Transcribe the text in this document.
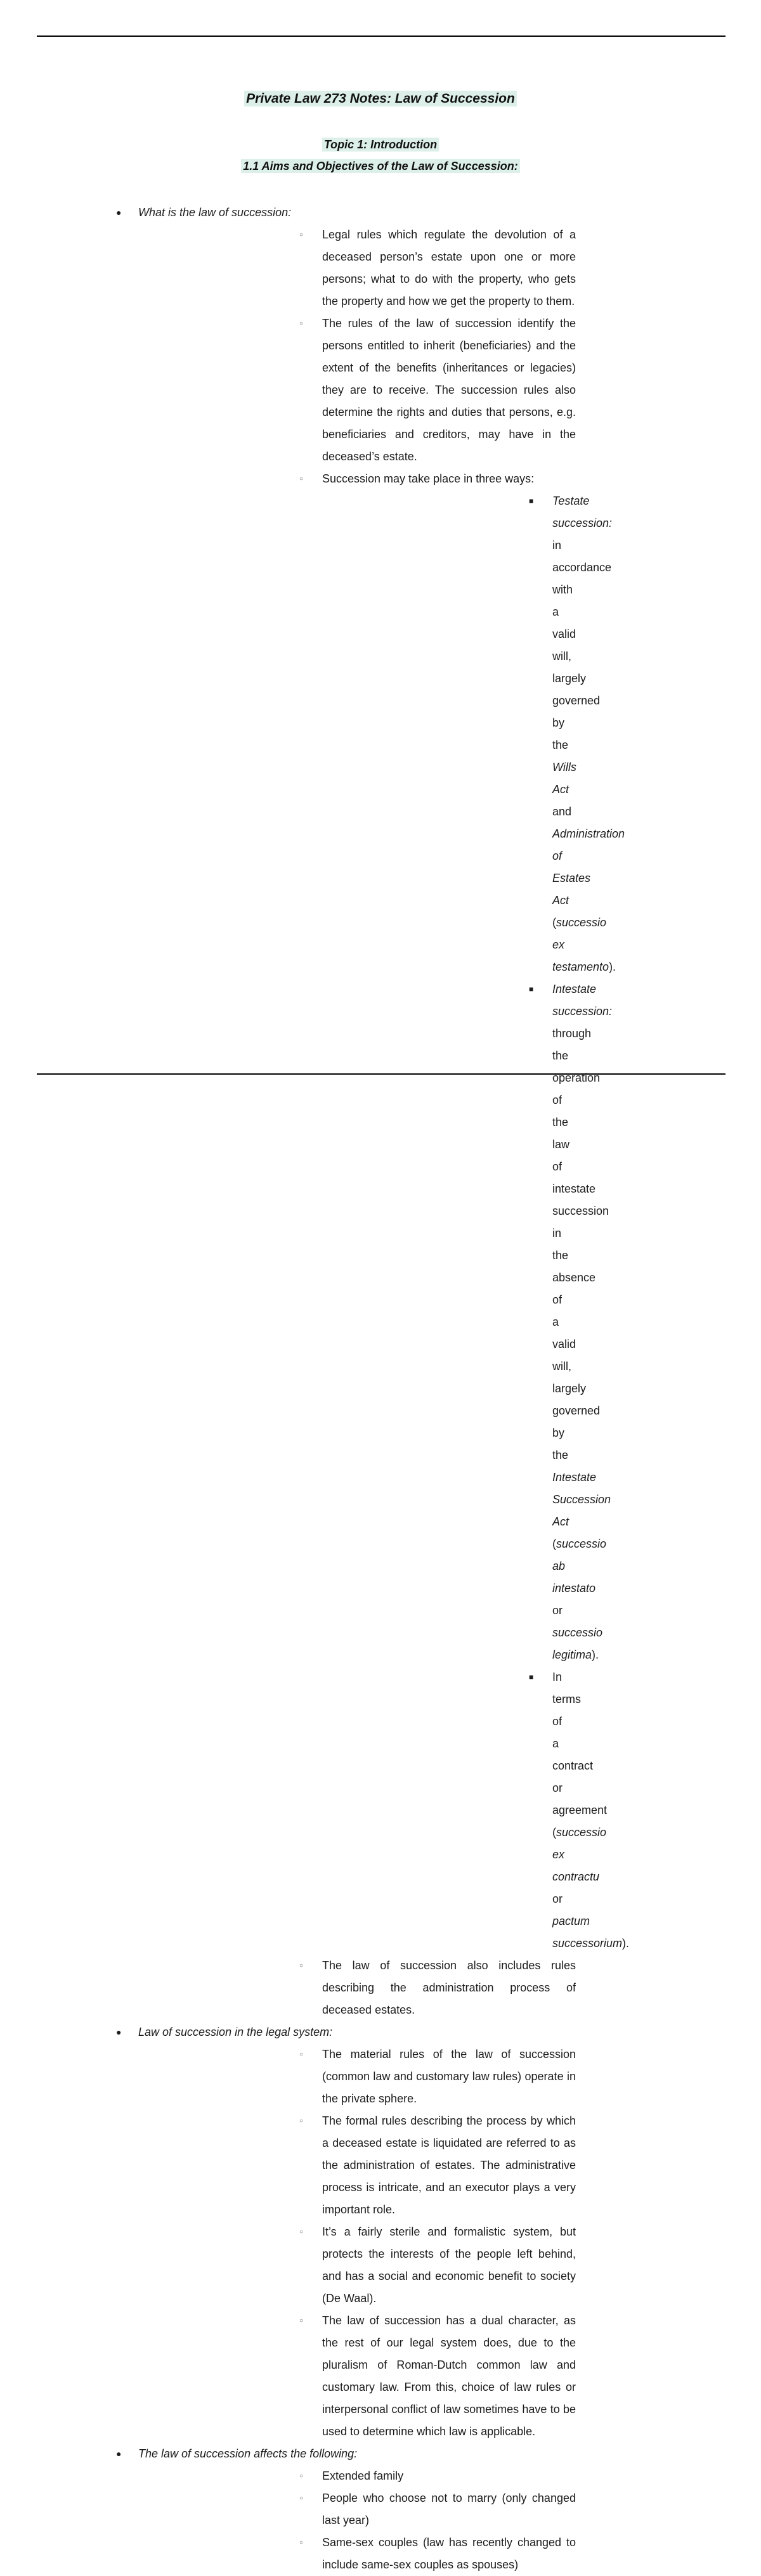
Private Law 273 Notes: Law of Succession
Topic 1: Introduction
1.1 Aims and Objectives of the Law of Succession:
● What is the law of succession:
○ Legal rules which regulate the devolution of a deceased person’s estate upon one or more persons; what to do with the property, who gets the property and how we get the property to them.
○ The rules of the law of succession identify the persons entitled to inherit (beneficiaries) and the extent of the benefits (inheritances or legacies) they are to receive. The succession rules also determine the rights and duties that persons, e.g. beneficiaries and creditors, may have in the deceased’s estate.
○ Succession may take place in three ways:
■ Testate succession: in accordance with a valid will, largely governed by the Wills Act and Administration of Estates Act (successio ex testamento).
■ Intestate succession: through the operation of the law of intestate succession in the absence of a valid will, largely governed by the Intestate Succession Act (successio ab intestato or successio legitima).
■ In terms of a contract or agreement (successio ex contractu or pactum successorium).
○ The law of succession also includes rules describing the administration process of deceased estates.
● Law of succession in the legal system:
○ The material rules of the law of succession (common law and customary law rules) operate in the private sphere.
○ The formal rules describing the process by which a deceased estate is liquidated are referred to as the administration of estates. The administrative process is intricate, and an executor plays a very important role.
○ It’s a fairly sterile and formalistic system, but protects the interests of the people left behind, and has a social and economic benefit to society (De Waal).
○ The law of succession has a dual character, as the rest of our legal system does, due to the pluralism of Roman-Dutch common law and customary law. From this, choice of law rules or interpersonal conflict of law sometimes have to be used to determine which law is applicable.
● The law of succession affects the following:
○ Extended family
○ People who choose not to marry (only changed last year)
○ Same-sex couples (law has recently changed to include same-sex couples as spouses)
